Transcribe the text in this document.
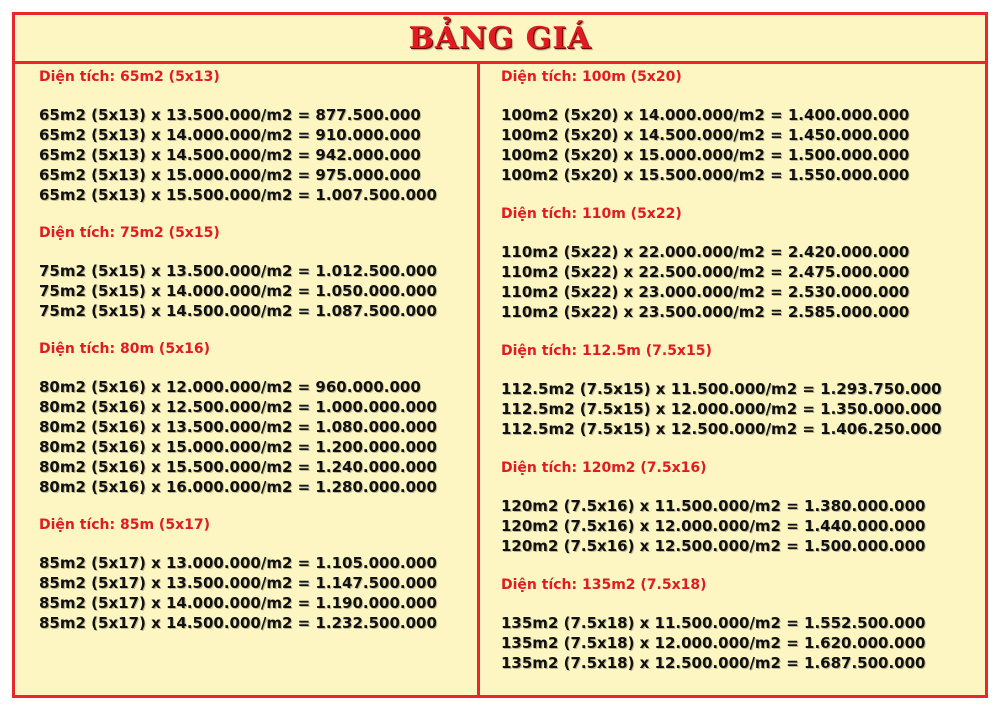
BẢNG GIÁ
Diện tích: 65m2 (5x13)
65m2 (5x13) x 13.500.000/m2 = 877.500.000
65m2 (5x13) x 14.000.000/m2 = 910.000.000
65m2 (5x13) x 14.500.000/m2 = 942.000.000
65m2 (5x13) x 15.000.000/m2 = 975.000.000
65m2 (5x13) x 15.500.000/m2 = 1.007.500.000
Diện tích: 75m2 (5x15)
75m2 (5x15) x 13.500.000/m2 = 1.012.500.000
75m2 (5x15) x 14.000.000/m2 = 1.050.000.000
75m2 (5x15) x 14.500.000/m2 = 1.087.500.000
Diện tích: 80m (5x16)
80m2 (5x16) x 12.000.000/m2 = 960.000.000
80m2 (5x16) x 12.500.000/m2 = 1.000.000.000
80m2 (5x16) x 13.500.000/m2 = 1.080.000.000
80m2 (5x16) x 15.000.000/m2 = 1.200.000.000
80m2 (5x16) x 15.500.000/m2 = 1.240.000.000
80m2 (5x16) x 16.000.000/m2 = 1.280.000.000
Diện tích: 85m (5x17)
85m2 (5x17) x 13.000.000/m2 = 1.105.000.000
85m2 (5x17) x 13.500.000/m2 = 1.147.500.000
85m2 (5x17) x 14.000.000/m2 = 1.190.000.000
85m2 (5x17) x 14.500.000/m2 = 1.232.500.000
Diện tích: 100m (5x20)
100m2 (5x20) x 14.000.000/m2 = 1.400.000.000
100m2 (5x20) x 14.500.000/m2 = 1.450.000.000
100m2 (5x20) x 15.000.000/m2 = 1.500.000.000
100m2 (5x20) x 15.500.000/m2 = 1.550.000.000
Diện tích: 110m (5x22)
110m2 (5x22) x 22.000.000/m2 = 2.420.000.000
110m2 (5x22) x 22.500.000/m2 = 2.475.000.000
110m2 (5x22) x 23.000.000/m2 = 2.530.000.000
110m2 (5x22) x 23.500.000/m2 = 2.585.000.000
Diện tích: 112.5m (7.5x15)
112.5m2 (7.5x15) x 11.500.000/m2 = 1.293.750.000
112.5m2 (7.5x15) x 12.000.000/m2 = 1.350.000.000
112.5m2 (7.5x15) x 12.500.000/m2 = 1.406.250.000
Diện tích: 120m2 (7.5x16)
120m2 (7.5x16) x 11.500.000/m2 = 1.380.000.000
120m2 (7.5x16) x 12.000.000/m2 = 1.440.000.000
120m2 (7.5x16) x 12.500.000/m2 = 1.500.000.000
Diện tích: 135m2 (7.5x18)
135m2 (7.5x18) x 11.500.000/m2 = 1.552.500.000
135m2 (7.5x18) x 12.000.000/m2 = 1.620.000.000
135m2 (7.5x18) x 12.500.000/m2 = 1.687.500.000
